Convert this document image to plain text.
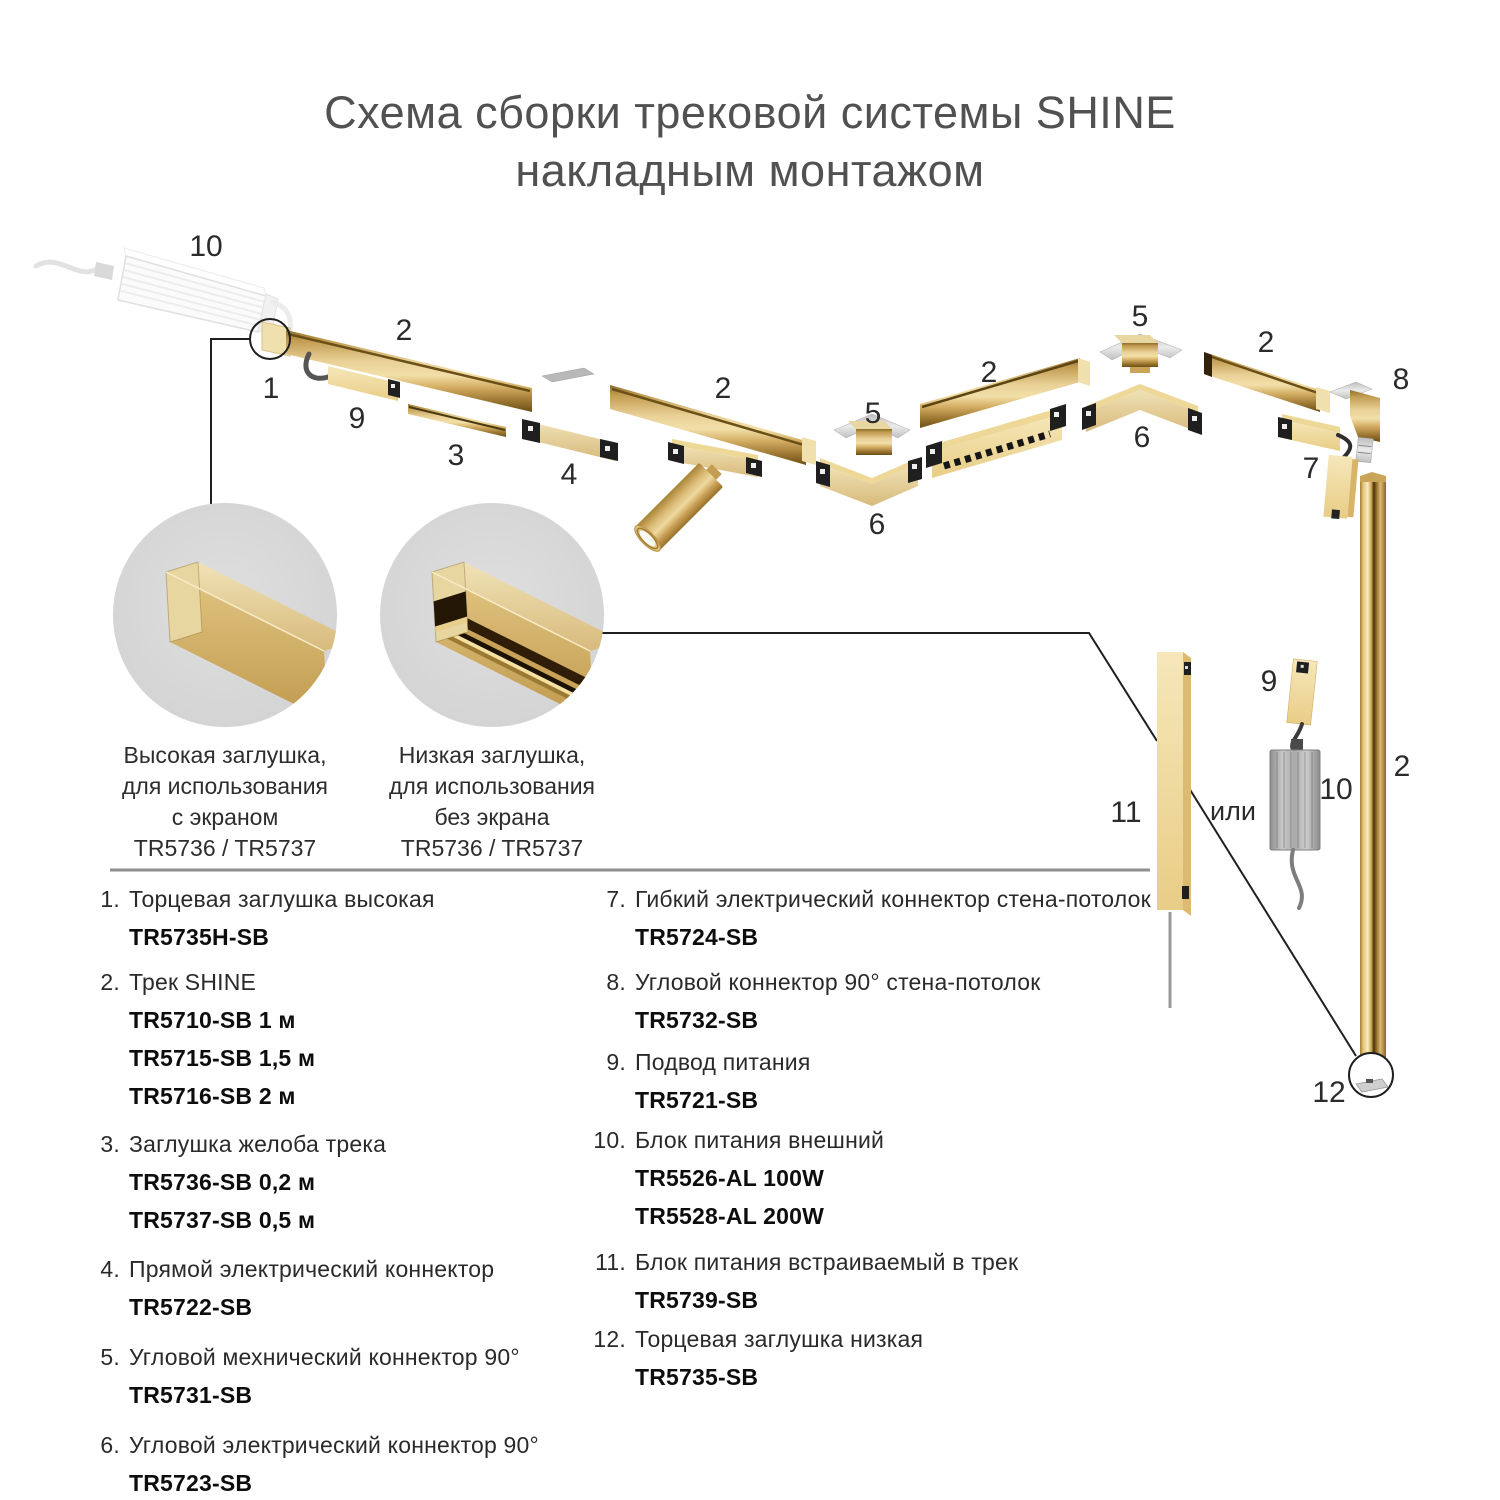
10
1
2
9
3
4
2
5
6
2
5
6
2
8
7
2
11	или
9
10
12
Схема сборки трековой системы SHINE
накладным монтажом
Высокая заглушка,
для использования
с экраном
TR5736 / TR5737
Низкая заглушка,
для использования
без экрана
TR5736 / TR5737
1. Торцевая заглушка высокая
TR5735H-SB
2. Трек SHINE
TR5710-SB 1 м
TR5715-SB 1,5 м
TR5716-SB 2 м
3. Заглушка желоба трека
TR5736-SB 0,2 м
TR5737-SB 0,5 м
4. Прямой электрический коннектор
TR5722-SB
5. Угловой мехнический коннектор 90°
TR5731-SB
6. Угловой электрический коннектор 90°
TR5723-SB
7. Гибкий электрический коннектор стена-потолок
TR5724-SB
8. Угловой коннектор 90° стена-потолок
TR5732-SB
9. Подвод питания
TR5721-SB
10. Блок питания внешний
TR5526-AL 100W
TR5528-AL 200W
11. Блок питания встраиваемый в трек
TR5739-SB
12. Торцевая заглушка низкая
TR5735-SB
